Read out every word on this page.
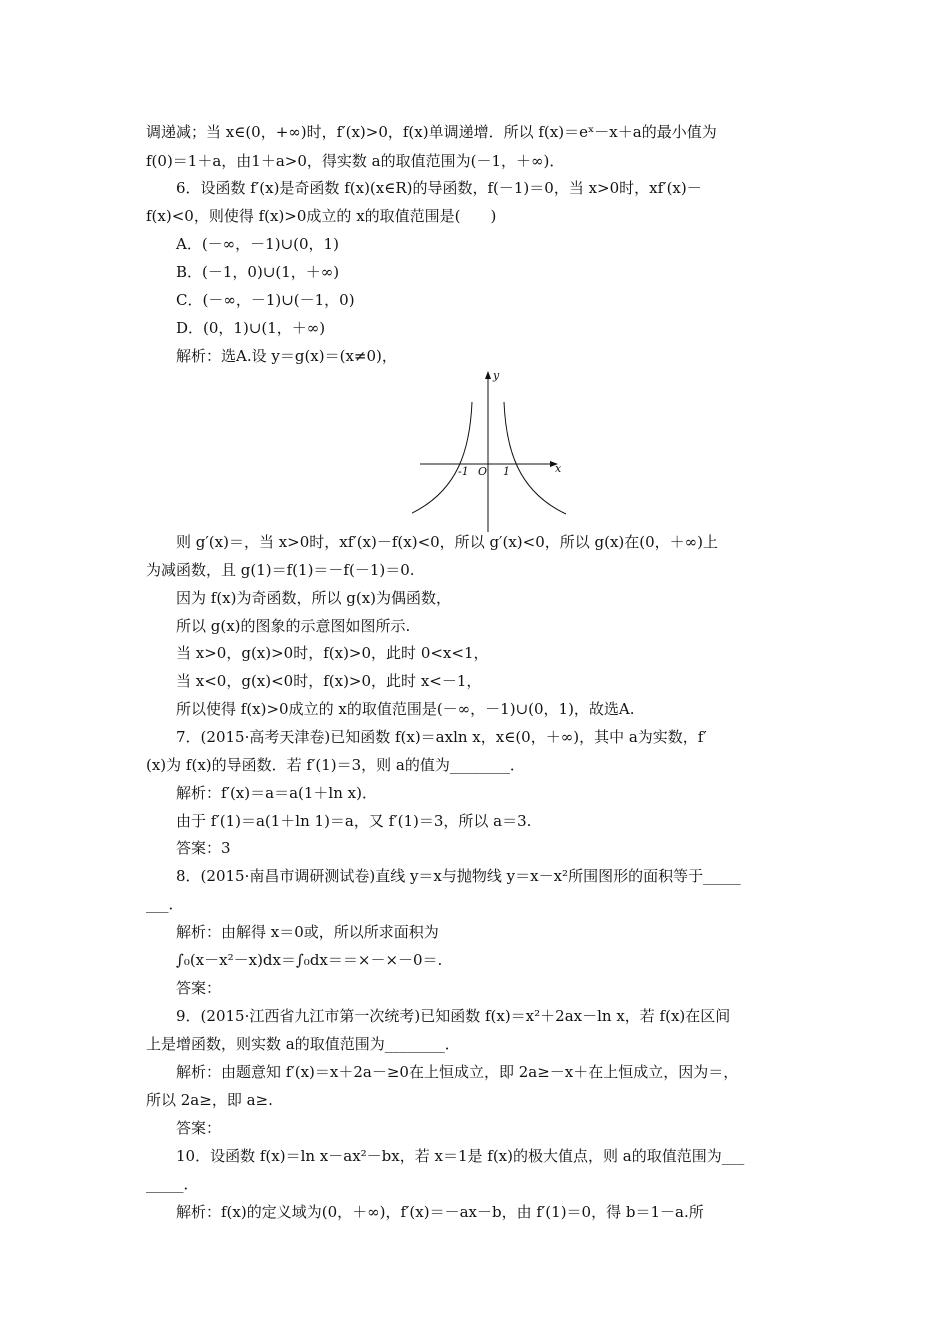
调递减；当 x∈(0，+∞)时，f′(x)>0，f(x)单调递增．所以 f(x)＝eˣ－x＋a的最小值为
f(0)＝1＋a，由1＋a>0，得实数 a的取值范围为(－1，＋∞)．
6．设函数 f′(x)是奇函数 f(x)(x∈R)的导函数，f(－1)＝0，当 x>0时，xf′(x)－
f(x)<0，则使得 f(x)>0成立的 x的取值范围是(　　)
A．(－∞，－1)∪(0，1)
B．(－1，0)∪(1，＋∞)
C．(－∞，－1)∪(－1，0)
D．(0，1)∪(1，＋∞)
解析：选A.设 y＝g(x)＝(x≠0)，
则 g′(x)＝，当 x>0时，xf′(x)－f(x)<0，所以 g′(x)<0，所以 g(x)在(0，＋∞)上
为减函数，且 g(1)＝f(1)＝－f(－1)＝0.
因为 f(x)为奇函数，所以 g(x)为偶函数，
所以 g(x)的图象的示意图如图所示.
当 x>0，g(x)>0时，f(x)>0，此时 0<x<1，
当 x<0，g(x)<0时，f(x)>0，此时 x<－1，
所以使得 f(x)>0成立的 x的取值范围是(－∞，－1)∪(0，1)，故选A.
7．(2015·高考天津卷)已知函数 f(x)＝axln x，x∈(0，＋∞)，其中 a为实数，f′
(x)为 f(x)的导函数．若 f′(1)＝3，则 a的值为________．
解析：f′(x)＝a＝a(1＋ln x)．
由于 f′(1)＝a(1＋ln 1)＝a，又 f′(1)＝3，所以 a＝3.
答案：3
8．(2015·南昌市调研测试卷)直线 y＝x与抛物线 y＝x－x²所围图形的面积等于_____
___．
解析：由解得 x＝0或，所以所求面积为
∫₀(x－x²－x)dx＝∫₀dx＝＝×－×－0＝.
答案：
9．(2015·江西省九江市第一次统考)已知函数 f(x)＝x²＋2ax－ln x，若 f(x)在区间
上是增函数，则实数 a的取值范围为________．
解析：由题意知 f′(x)＝x＋2a－≥0在上恒成立，即 2a≥－x＋在上恒成立，因为＝，
所以 2a≥，即 a≥.
答案：
10．设函数 f(x)＝ln x－ax²－bx，若 x＝1是 f(x)的极大值点，则 a的取值范围为___
_____．
解析：f(x)的定义域为(0，＋∞)，f′(x)＝－ax－b，由 f′(1)＝0，得 b＝1－a.所
x
y
O
-1	1
